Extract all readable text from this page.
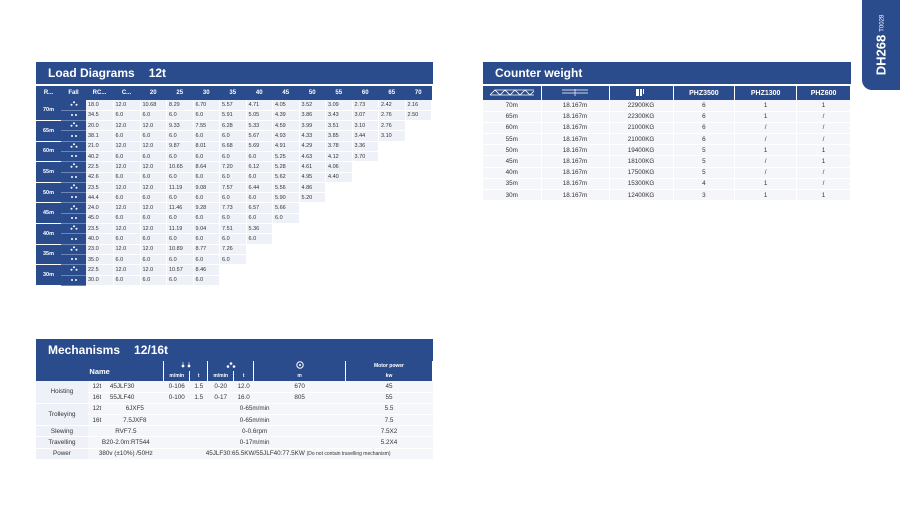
DH268T0028
Load Diagrams 12t
R...	Fall	RC...	C...	20	25	30	35	40	45	50	55	60	65	70
70m		18.0	12.0	10.68	8.29	6.70	5.57	4.71	4.05	3.52	3.09	2.73	2.42	2.16
	34.5	6.0	6.0	6.0	6.0	5.91	5.05	4.39	3.86	3.43	3.07	2.76	2.50
65m		20.0	12.0	12.0	9.33	7.55	6.28	5.33	4.59	3.99	3.51	3.10	2.76	
	38.1	6.0	6.0	6.0	6.0	6.0	5.67	4.93	4.33	3.85	3.44	3.10	
60m		21.0	12.0	12.0	9.87	8.01	6.68	5.69	4.91	4.29	3.78	3.36		
	40.2	6.0	6.0	6.0	6.0	6.0	6.0	5.25	4.63	4.12	3.70		
55m		22.5	12.0	12.0	10.65	8.64	7.20	6.12	5.28	4.61	4.06			
	42.6	6.0	6.0	6.0	6.0	6.0	6.0	5.62	4.95	4.40			
50m		23.5	12.0	12.0	11.19	9.08	7.57	6.44	5.56	4.86				
	44.4	6.0	6.0	6.0	6.0	6.0	6.0	5.90	5.20				
45m		24.0	12.0	12.0	11.46	9.28	7.73	6.57	5.66					
	45.0	6.0	6.0	6.0	6.0	6.0	6.0	6.0					
40m		23.5	12.0	12.0	11.19	9.04	7.51	5.36						
	40.0	6.0	6.0	6.0	6.0	6.0	6.0						
35m		23.0	12.0	12.0	10.89	8.77	7.26							
	35.0	6.0	6.0	6.0	6.0	6.0							
30m		22.5	12.0	12.0	10.57	8.46								
	30.0	6.0	6.0	6.0	6.0								
Counter weight
			PHZ3500	PHZ1300	PHZ600
70m	18.167m	22900KG	6	1	1
65m	18.167m	22300KG	6	1	/
60m	18.167m	21000KG	6	/	/
55m	18.167m	21000KG	6	/	/
50m	18.167m	19400KG	5	1	1
45m	18.167m	18100KG	5	/	1
40m	18.167m	17500KG	5	/	/
35m	18.167m	15300KG	4	1	/
30m	18.167m	12400KG	3	1	1
Mechanisms 12/16t
Name								Motor power
			m/min	t	m/min	t	m	kw
Hoisting	12t	45JLF30	0-106	1.5	0-20	12.0	670	45
	16t	55JLF40	0-100	1.5	0-17	16.0	805	55
Trolleying	12t	6JXF5	0-65m/min					5.5
	16t	7.5JXF8	0-65m/min					7.5
Slewing	RVF7.5		0-0.6rpm					7.5X2
Travelling	B20-2.0m:RT544		0-17m/min					5.2X4
Power	380v (±10%) /50Hz		45JLF30:65.5KW/55JLF40:77.5KW (Do not contain travelling mechanism)					
